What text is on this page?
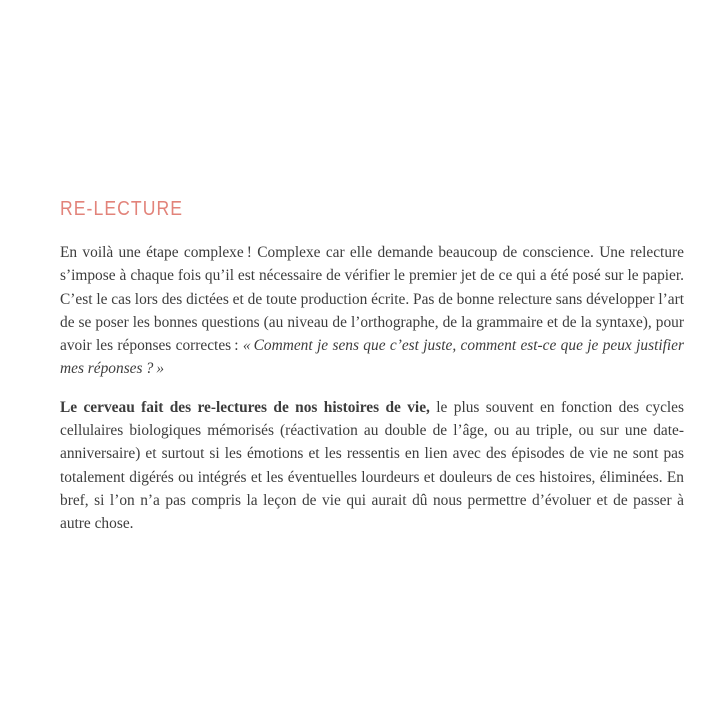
RE-LECTURE

En voilà une étape complexe ! Complexe car elle demande beaucoup de conscience. Une relecture s’impose à chaque fois qu’il est nécessaire de vérifier le premier jet de ce qui a été posé sur le papier. C’est le cas lors des dictées et de toute production écrite. Pas de bonne relecture sans développer l’art de se poser les bonnes questions (au niveau de l’orthographe, de la grammaire et de la syntaxe), pour avoir les réponses correctes : « Comment je sens que c’est juste, comment est-ce que je peux justifier mes réponses ? »

Le cerveau fait des re-lectures de nos histoires de vie, le plus souvent en fonction des cycles cellulaires biologiques mémorisés (réactivation au double de l’âge, ou au triple, ou sur une date-anniversaire) et surtout si les émotions et les ressentis en lien avec des épisodes de vie ne sont pas totalement digérés ou intégrés et les éventuelles lourdeurs et douleurs de ces histoires, éliminées. En bref, si l’on n’a pas compris la leçon de vie qui aurait dû nous permettre d’évoluer et de passer à autre chose.
